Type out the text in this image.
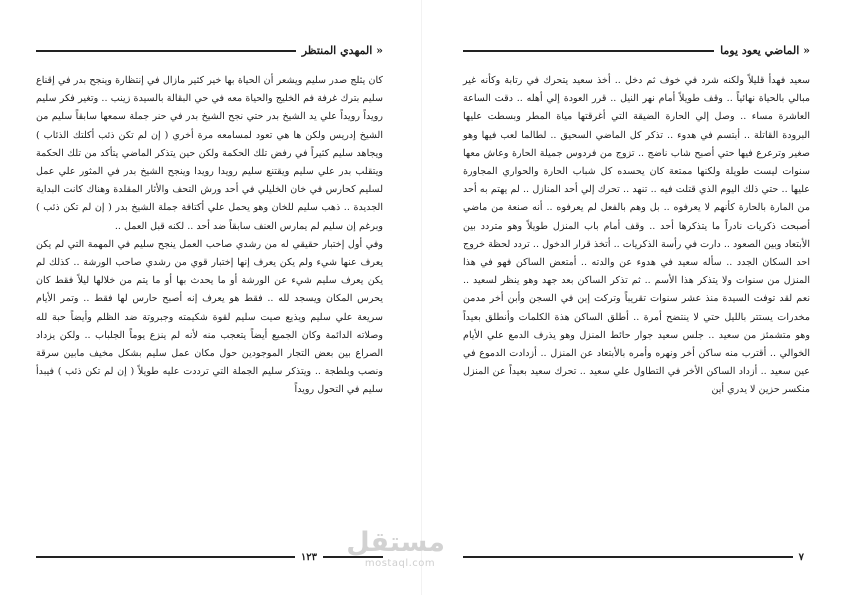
« المهدي المنتظر

كان يثلج صدر سليم ويشعر أن الحياة بها خير كثير مازال في إنتظارة وينجح بدر في إقناع سليم بترك غرفة فم الخليج والحياة معه في حي البقالة بالسيدة زينب .. وتغير فكر سليم رويداً رويداً علي يد الشيخ بدر حتي نجح الشيخ بدر في حنر جملة سمعها سابقاً سليم من الشيخ إدريس ولكن ها هي تعود لمسامعه مرة أخري ( إن لم تكن ذئب أكلتك الذئاب ) ويجاهد سليم كثيراً في رفض تلك الحكمة ولكن حين يتذكر الماضي يتأكد من تلك الحكمة ويتقلب بدر علي سليم ويقتنع سليم رويدا رويدا وينجح الشيخ بدر في المثور علي عمل لسليم كحارس في خان الخليلي في أحد ورش التحف والأثار المقلدة وهناك كانت البداية الجديدة .. ذهب سليم للخان وهو يحمل علي أكتافة جملة الشيخ بدر ( إن لم تكن ذئب ) وبرغم إن سليم لم يمارس العنف سابقاً ضد أحد .. لكنه قبل العمل ..

وفي أول إختبار حقيقي له من رشدي صاحب العمل ينجح سليم في المهمة التي لم يكن يعرف عنها شيء ولم يكن يعرف إنها إختبار قوي من رشدي صاحب الورشة .. كذلك لم يكن يعرف سليم شيء عن الورشة أو ما يحدث بها أو ما يتم من خلالها ليلاً فقط كان يحرس المكان ويسجد لله .. فقط هو يعرف إنه أصبح حارس لها فقط .. وتمر الأيام سريعة علي سليم ويذيع صيت سليم لقوة شكيمته وجبروتة ضد الظلم وأيضاً حبة لله وصلاته الدائمة وكان الجميع أيضاً يتعجب منه لأنه لم ينزع يوماً الجلباب .. ولكن يزداد الصراع بين بعض التجار الموجودين حول مكان عمل سليم بشكل مخيف مابين سرقة ونصب وبلطجة .. ويتذكر سليم الجملة التي ترددت عليه طويلاً ( إن لم تكن ذئب ) فيبدأ سليم في التحول رويداً

١٢٣
« الماضي يعود يوما

سعيد فهدأ قليلاً ولكنه شرد في خوف ثم دخل .. أخذ سعيد يتحرك في رتابة وكأنه غير مبالي بالحياة نهائياً .. وقف طويلاً أمام نهر النيل .. قرر العودة إلي أهله .. دقت الساعة العاشرة مساء .. وصل إلي الحارة الضيقة التي أغرقتها مياة المطر وبسطت عليها البرودة القاتلة .. أبتسم في هدوء .. تذكر كل الماضي السحيق .. لطالما لعب فيها وهو صغير وترعرع فيها حتي أصبح شاب ناضج .. تزوج من فردوس جميلة الحارة وعاش معها سنوات ليست طويلة ولكنها ممتعة كان يحسده كل شباب الحارة والحواري المجاورة عليها .. حتي ذلك اليوم الذي قتلت فيه .. تنهد .. تحرك إلي أحد المنازل .. لم يهتم به أحد من المارة بالحارة كأنهم لا يعرفوه .. بل وهم بالفعل لم يعرفوه .. أنه صنعة من ماضي أصبحت ذكريات نادراً ما يتذكرها أحد .. وقف أمام باب المنزل طويلاً وهو متردد بين الأبتعاد وبين الصعود .. دارت في رأسة الذكريات .. أتخذ قرار الدخول .. تردد لحظة خروج احد السكان الجدد .. سأله سعيد في هدوء عن والدته .. أمتعض الساكن فهو في هذا المنزل من سنوات ولا يتذكر هذا الأسم .. ثم تذكر الساكن بعد جهد وهو ينظر لسعيد .. نعم لقد توفت السيدة منذ عشر سنوات تقريباً وتركت إبن في السجن وأبن أخر مدمن مخدرات يستتر بالليل حتي لا ينتضح أمرة .. أطلق الساكن هذة الكلمات وأنطلق بعيداً وهو متشمئز من سعيد .. جلس سعيد جوار حائط المنزل وهو يذرف الدمع علي الأيام الخوالي .. أقترب منه ساكن أخر ونهره وأمره بالأبتعاد عن المنزل .. أزدادت الدموع في عين سعيد .. أزداد الساكن الأخر في التطاول علي سعيد .. تحرك سعيد بعيداً عن المنزل منكسر حزين لا يدري أين

٧
مستقل
mostaql.com
